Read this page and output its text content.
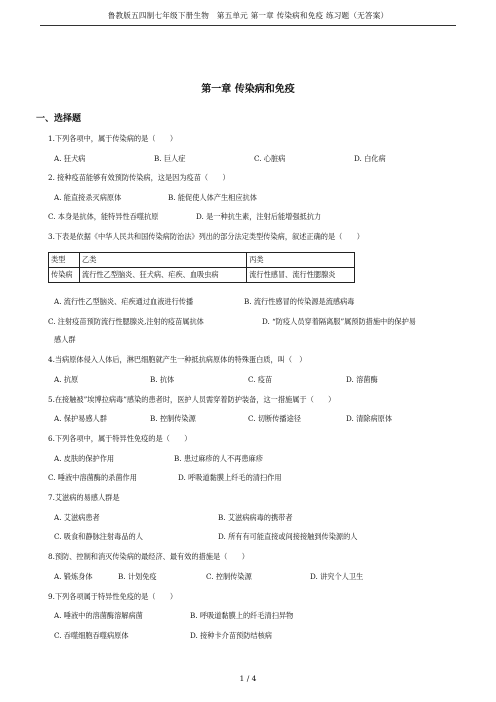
鲁教版五四制七年级下册生物　第五单元 第一章 传染病和免疫 练习题（无答案）
第一章 传染病和免疫
一、选择题
1.下列各项中，属于传染病的是（　　）
A. 狂犬病	B. 巨人症	C. 心脏病	D. 白化病
2. 接种疫苗能够有效预防传染病，这是因为疫苗（　　）
A. 能直接杀灭病原体	B. 能促使人体产生相应抗体
C. 本身是抗体，能特异性吞噬抗原	D. 是一种抗生素，注射后能增强抵抗力
3.下表是依据《中华人民共和国传染病防治法》列出的部分法定类型传染病，叙述正确的是（　　）
类型	乙类	丙类
传染病	流行性乙型脑炎、狂犬病、疟疾、血吸虫病	流行性感冒、流行性腮腺炎
A. 流行性乙型脑炎、疟疾通过血液进行传播	B. 流行性感冒的传染源是流感病毒
C. 注射疫苗预防流行性腮腺炎,注射的疫苗属抗体	D. “防疫人员穿着隔离服”属预防措施中的保护易
感人群
4.当病原体侵入人体后，淋巴细胞就产生一种抵抗病原体的特殊蛋白质，叫（　）
A. 抗原	B. 抗体	C. 疫苗	D. 溶菌酶
5.在接触被”埃博拉病毒”感染的患者时，医护人员需穿着防护装备，这一措施属于（　　）
A. 保护易感人群	B. 控制传染源	C. 切断传播途径	D. 清除病原体
6.下列各项中，属于特异性免疫的是（　　）
A. 皮肤的保护作用	B. 患过麻疹的人不再患麻疹
C. 唾液中溶菌酶的杀菌作用	D. 呼吸道黏膜上纤毛的清扫作用
7.艾滋病的易感人群是
A. 艾滋病患者	B. 艾滋病病毒的携带者
C. 吸食和静脉注射毒品的人	D. 所有有可能直接或间接接触到传染源的人
8.预防、控制和消灭传染病的最经济、最有效的措施是（　　）
A. 锻炼身体	B. 计划免疫	C. 控制传染源	D. 讲究个人卫生
9.下列各项属于特异性免疫的是（　　）
A. 唾液中的溶菌酶溶解病菌	B. 呼吸道黏膜上的纤毛清扫异物
C. 吞噬细胞吞噬病原体	D. 接种卡介苗预防结核病
1 / 4
